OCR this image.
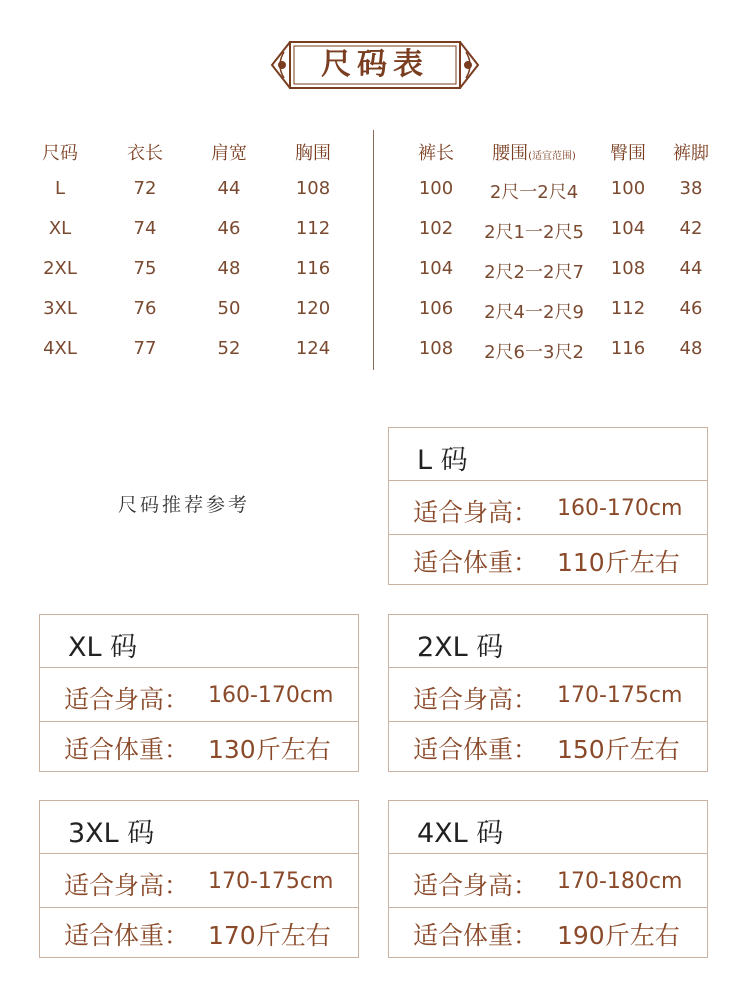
尺码表
尺码	衣长	肩宽	胸围
L	72	44	108
XL	74	46	112
2XL	75	48	116
3XL	76	50	120
4XL	77	52	124
裤长	腰围(适宜范围)	臀围	裤脚
100	2尺一2尺4	100	38
102	2尺1一2尺5	104	42
104	2尺2一2尺7	108	44
106	2尺4一2尺9	112	46
108	2尺6一3尺2	116	48
尺码推荐参考
L 码
适合身高： 160-170cm
适合体重： 110斤左右
XL 码
适合身高： 160-170cm
适合体重： 130斤左右
2XL 码
适合身高： 170-175cm
适合体重： 150斤左右
3XL 码
适合身高： 170-175cm
适合体重： 170斤左右
4XL 码
适合身高： 170-180cm
适合体重： 190斤左右
